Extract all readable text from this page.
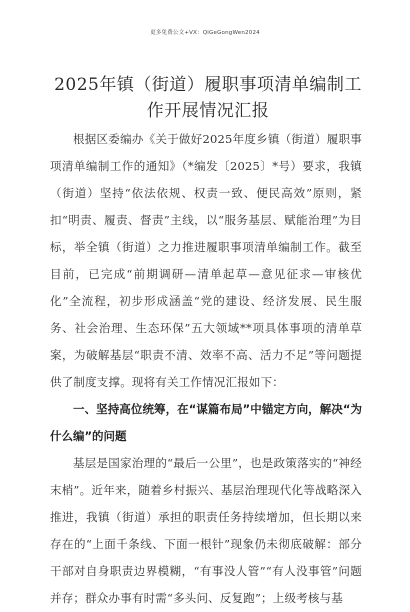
更多免费公文+VX：QiGeGongWen2024
2025年镇（街道）履职事项清单编制工作开展情况汇报

根据区委编办《关于做好2025年度乡镇（街道）履职事项清单编制工作的通知》（*编发〔2025〕*号）要求，我镇（街道）坚持“依法依规、权责一致、便民高效”原则，紧扣“明责、履责、督责”主线，以“服务基层、赋能治理”为目标，举全镇（街道）之力推进履职事项清单编制工作。截至目前，已完成“前期调研—清单起草—意见征求—审核优化”全流程，初步形成涵盖“党的建设、经济发展、民生服务、社会治理、生态环保”五大领域**项具体事项的清单草案，为破解基层“职责不清、效率不高、活力不足”等问题提供了制度支撑。现将有关工作情况汇报如下：

一、坚持高位统筹，在“谋篇布局”中锚定方向，解决“为什么编”的问题

基层是国家治理的“最后一公里”，也是政策落实的“神经末梢”。近年来，随着乡村振兴、基层治理现代化等战略深入推进，我镇（街道）承担的职责任务持续增加，但长期以来存在的“上面千条线、下面一根针”现象仍未彻底破解：部分干部对自身职责边界模糊，“有事没人管”“有人没事管”问题并存；群众办事有时需“多头问、反复跑”；上级考核与基
